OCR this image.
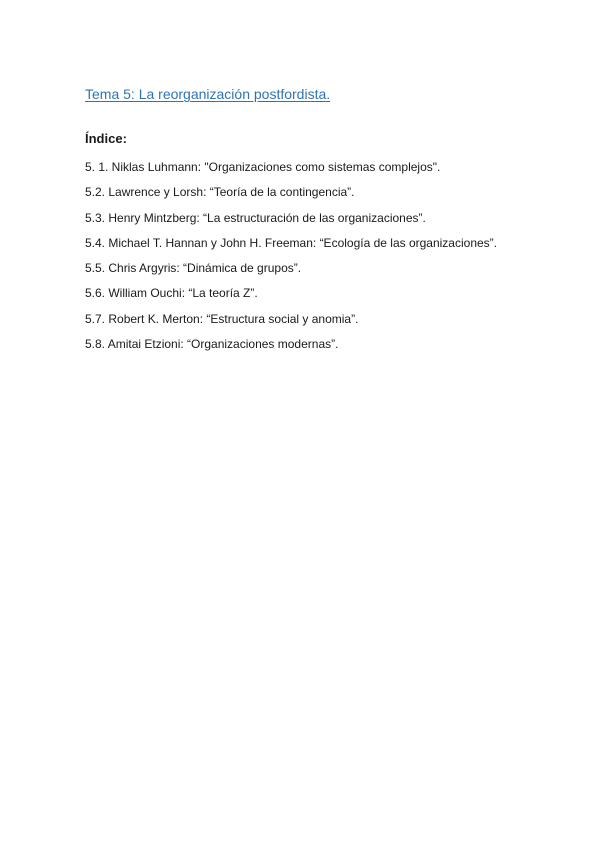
Tema 5: La reorganización postfordista.
Índice:
5. 1. Niklas Luhmann: "Organizaciones como sistemas complejos".
5.2. Lawrence y Lorsh: “Teoría de la contingencia”.
5.3. Henry Mintzberg: “La estructuración de las organizaciones”.
5.4. Michael T. Hannan y John H. Freeman: “Ecología de las organizaciones”.
5.5. Chris Argyris: “Dinámica de grupos”.
5.6. William Ouchi: “La teoría Z”.
5.7. Robert K. Merton: “Estructura social y anomia”.
5.8. Amitai Etzioni: “Organizaciones modernas”.
